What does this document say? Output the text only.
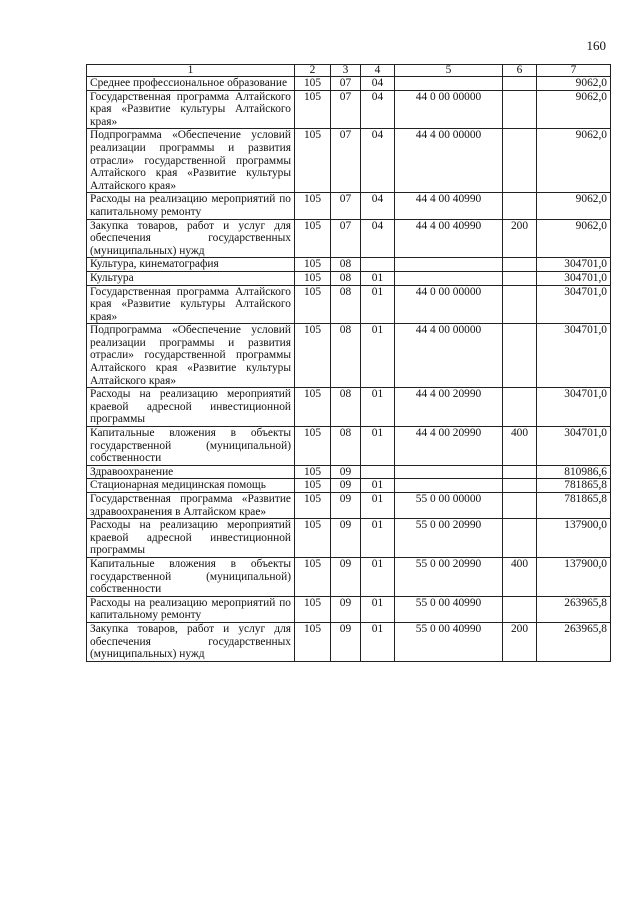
160
1	2	3	4	5	6	7
Среднее профессиональное образование	105	07	04			9062,0
Государственная программа Алтайского края «Развитие культуры Алтайского края»	105	07	04	44 0 00 00000		9062,0
Подпрограмма «Обеспечение условий реализации программы и развития отрасли» государственной программы Алтайского края «Развитие культуры Алтайского края»	105	07	04	44 4 00 00000		9062,0
Расходы на реализацию мероприятий по капитальному ремонту	105	07	04	44 4 00 40990		9062,0
Закупка товаров, работ и услуг для обеспечения государственных (муниципальных) нужд	105	07	04	44 4 00 40990	200	9062,0
Культура, кинематография	105	08				304701,0
Культура	105	08	01			304701,0
Государственная программа Алтайского края «Развитие культуры Алтайского края»	105	08	01	44 0 00 00000		304701,0
Подпрограмма «Обеспечение условий реализации программы и развития отрасли» государственной программы Алтайского края «Развитие культуры Алтайского края»	105	08	01	44 4 00 00000		304701,0
Расходы на реализацию мероприятий краевой адресной инвестиционной программы	105	08	01	44 4 00 20990		304701,0
Капитальные вложения в объекты государственной (муниципальной) собственности	105	08	01	44 4 00 20990	400	304701,0
Здравоохранение	105	09				810986,6
Стационарная медицинская помощь	105	09	01			781865,8
Государственная программа «Развитие здравоохранения в Алтайском крае»	105	09	01	55 0 00 00000		781865,8
Расходы на реализацию мероприятий краевой адресной инвестиционной программы	105	09	01	55 0 00 20990		137900,0
Капитальные вложения в объекты государственной (муниципальной) собственности	105	09	01	55 0 00 20990	400	137900,0
Расходы на реализацию мероприятий по капитальному ремонту	105	09	01	55 0 00 40990		263965,8
Закупка товаров, работ и услуг для обеспечения государственных (муниципальных) нужд	105	09	01	55 0 00 40990	200	263965,8
